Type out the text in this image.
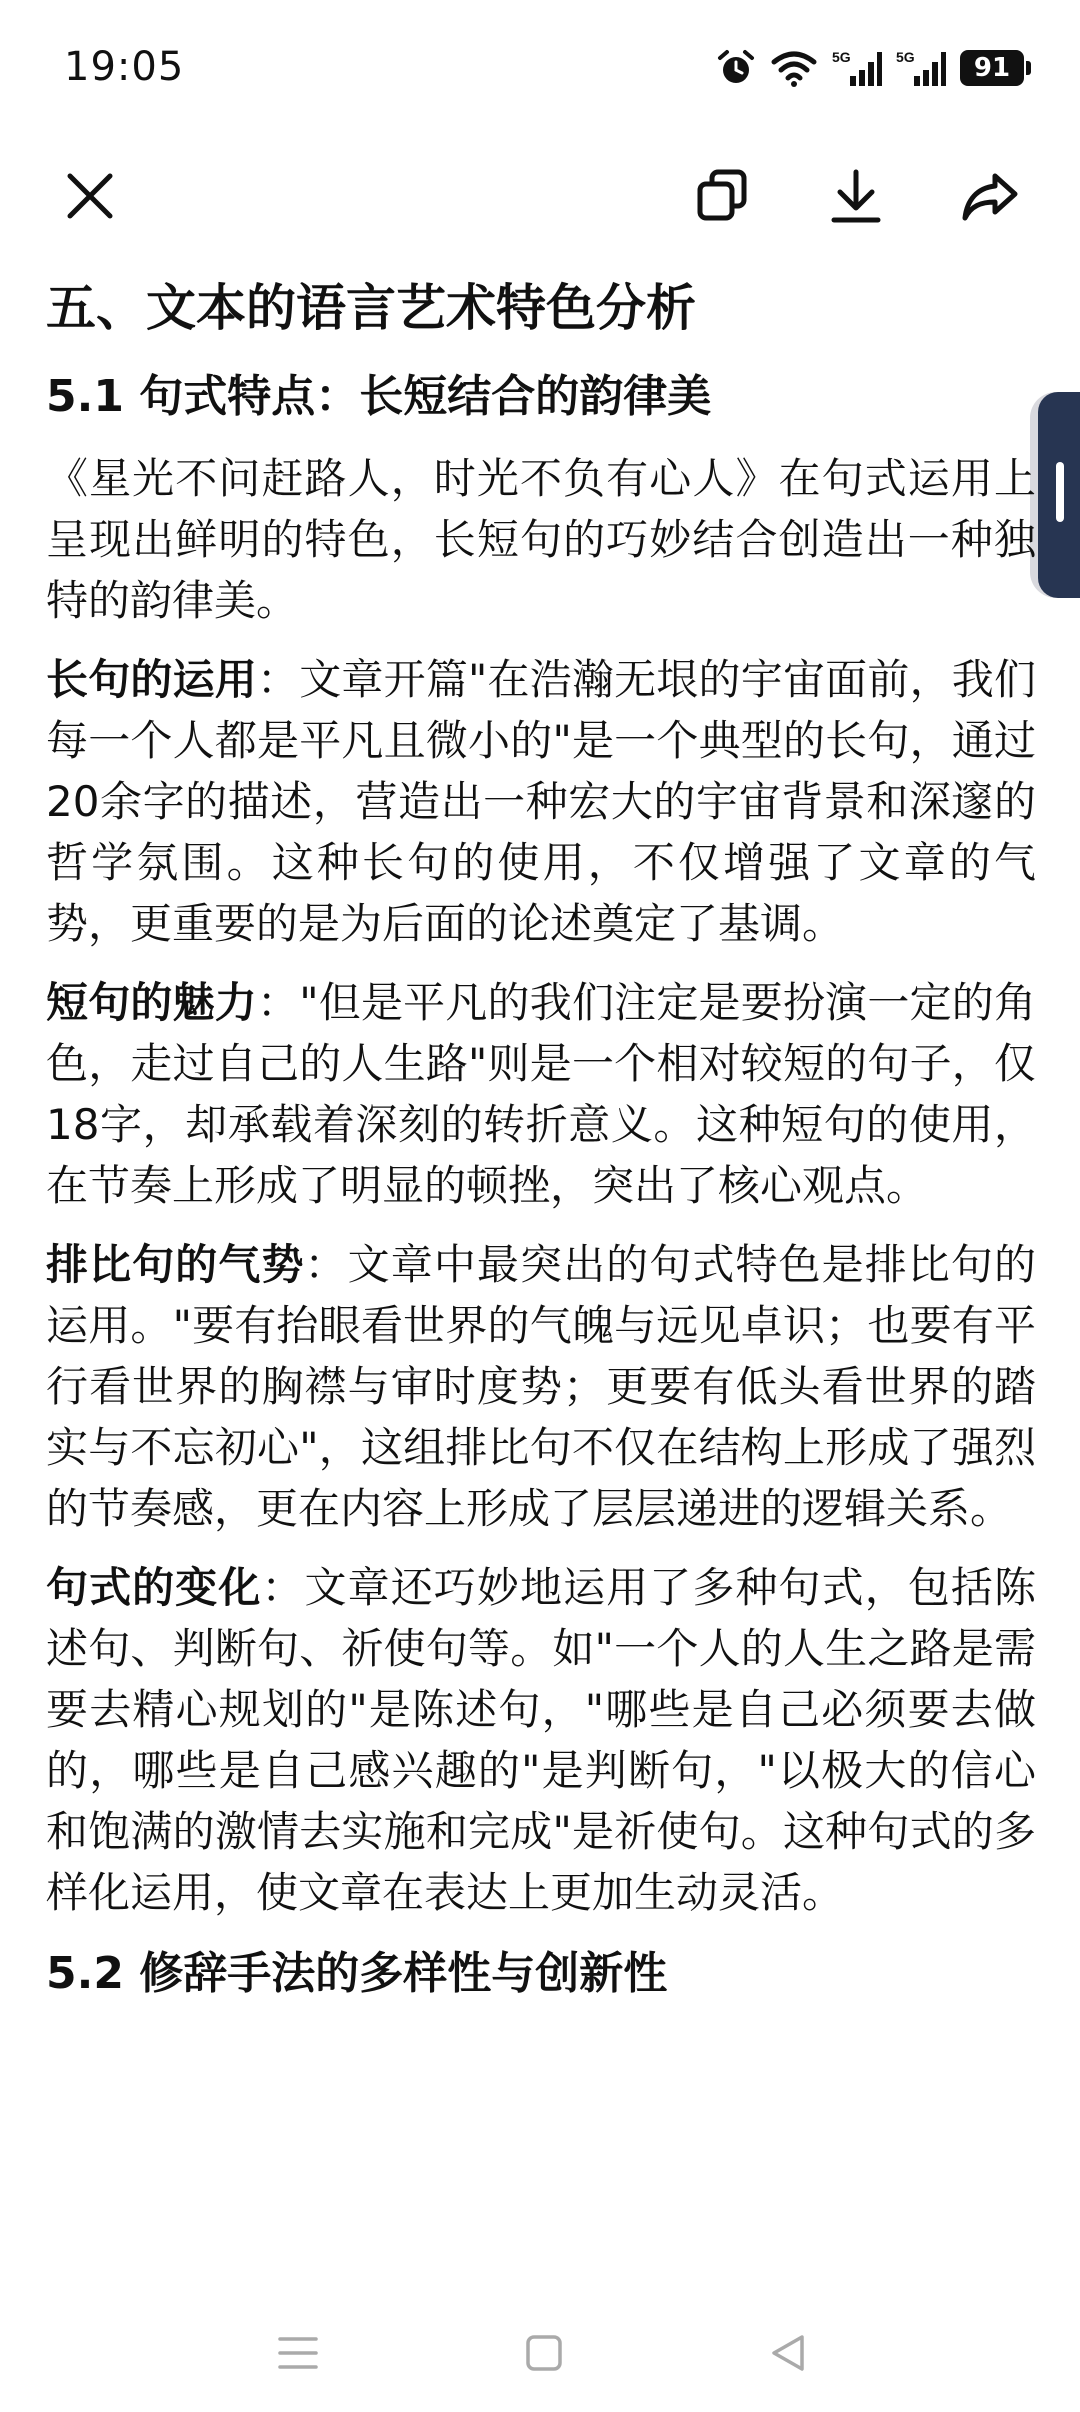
19:05	5G	5G	91
五、文本的语言艺术特色分析
5.1 句式特点：长短结合的韵律美

《星光不问赶路人，时光不负有心人》在句式运用上呈现出鲜明的特色，长短句的巧妙结合创造出一种独特的韵律美。

长句的运用：文章开篇"在浩瀚无垠的宇宙面前，我们每一个人都是平凡且微小的"是一个典型的长句，通过20余字的描述，营造出一种宏大的宇宙背景和深邃的哲学氛围。这种长句的使用，不仅增强了文章的气势，更重要的是为后面的论述奠定了基调。

短句的魅力："但是平凡的我们注定是要扮演一定的角色，走过自己的人生路"则是一个相对较短的句子，仅18字，却承载着深刻的转折意义。这种短句的使用，在节奏上形成了明显的顿挫，突出了核心观点。

排比句的气势：文章中最突出的句式特色是排比句的运用。"要有抬眼看世界的气魄与远见卓识；也要有平行看世界的胸襟与审时度势；更要有低头看世界的踏实与不忘初心"，这组排比句不仅在结构上形成了强烈的节奏感，更在内容上形成了层层递进的逻辑关系。

句式的变化：文章还巧妙地运用了多种句式，包括陈述句、判断句、祈使句等。如"一个人的人生之路是需要去精心规划的"是陈述句，"哪些是自己必须要去做的，哪些是自己感兴趣的"是判断句，"以极大的信心和饱满的激情去实施和完成"是祈使句。这种句式的多样化运用，使文章在表达上更加生动灵活。

5.2 修辞手法的多样性与创新性
